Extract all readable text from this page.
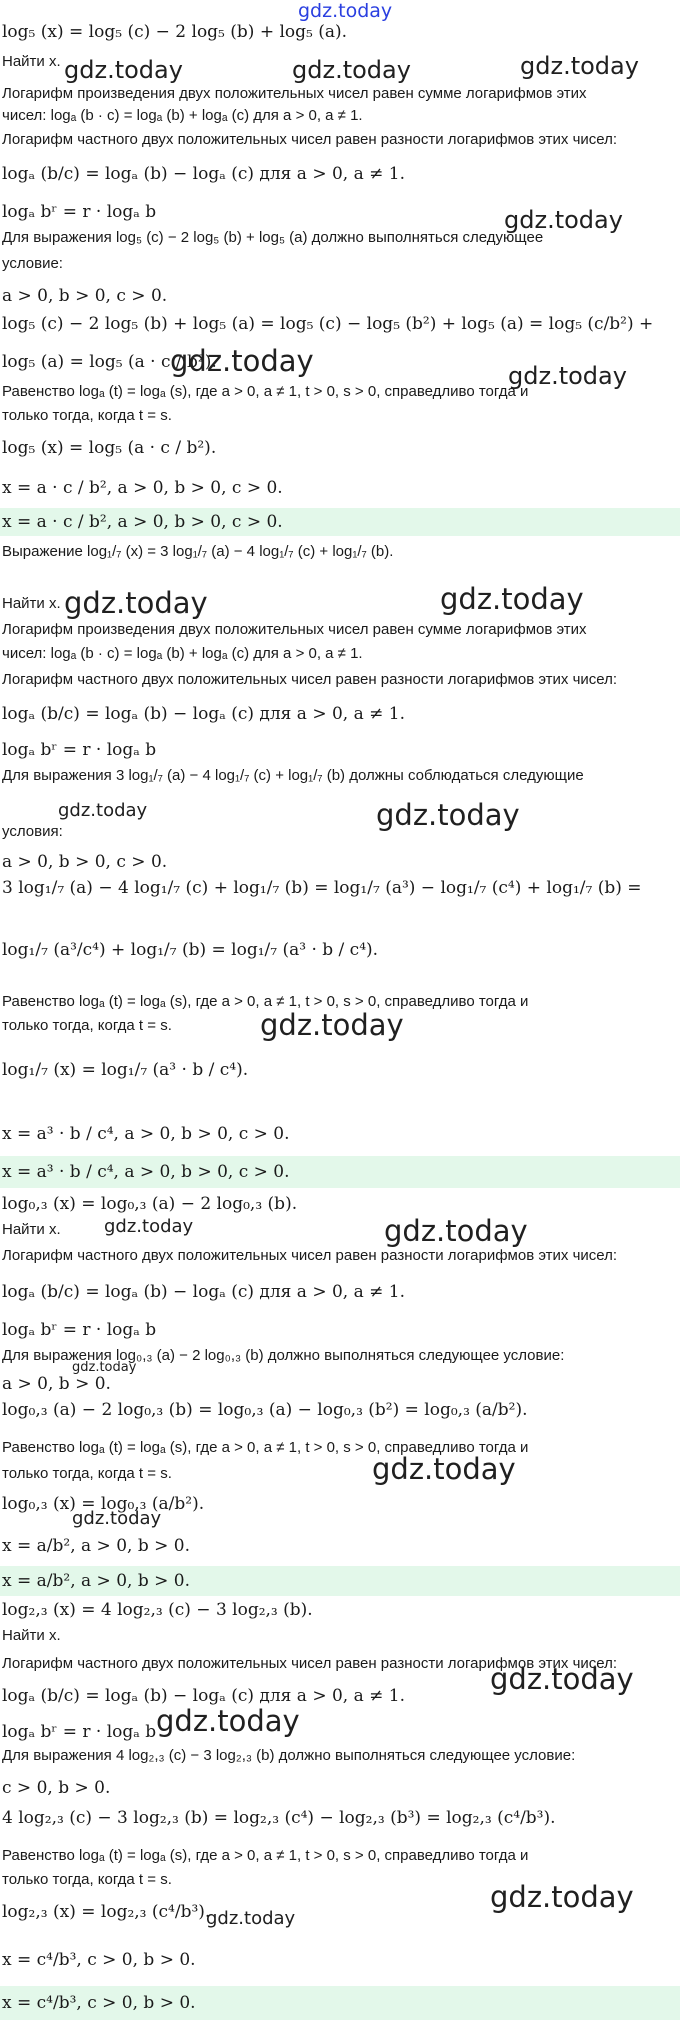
log₅ (x) = log₅ (c) − 2 log₅ (b) + log₅ (a).
Найти x.
Логарифм произведения двух положительных чисел равен сумме логарифмов этих
чисел: logₐ (b · c) = logₐ (b) + logₐ (c) для a > 0, a ≠ 1.
Логарифм частного двух положительных чисел равен разности логарифмов этих чисел:
logₐ (b/c) = logₐ (b) − logₐ (c) для a > 0, a ≠ 1.
logₐ bʳ = r · logₐ b
Для выражения log₅ (c) − 2 log₅ (b) + log₅ (a) должно выполняться следующее
условие:
a > 0, b > 0, c > 0.
log₅ (c) − 2 log₅ (b) + log₅ (a) = log₅ (c) − log₅ (b²) + log₅ (a) = log₅ (c/b²) +
log₅ (a) = log₅ (a · c / b²).
Равенство logₐ (t) = logₐ (s), где a > 0, a ≠ 1, t > 0, s > 0, справедливо тогда и
только тогда, когда t = s.
log₅ (x) = log₅ (a · c / b²).
x = a · c / b², a > 0, b > 0, c > 0.
x = a · c / b², a > 0, b > 0, c > 0.
Выражение log₁/₇ (x) = 3 log₁/₇ (a) − 4 log₁/₇ (c) + log₁/₇ (b).
Найти x.
Логарифм произведения двух положительных чисел равен сумме логарифмов этих
чисел: logₐ (b · c) = logₐ (b) + logₐ (c) для a > 0, a ≠ 1.
Логарифм частного двух положительных чисел равен разности логарифмов этих чисел:
logₐ (b/c) = logₐ (b) − logₐ (c) для a > 0, a ≠ 1.
logₐ bʳ = r · logₐ b
Для выражения 3 log₁/₇ (a) − 4 log₁/₇ (c) + log₁/₇ (b) должны соблюдаться следующие
условия:
a > 0, b > 0, c > 0.
3 log₁/₇ (a) − 4 log₁/₇ (c) + log₁/₇ (b) = log₁/₇ (a³) − log₁/₇ (c⁴) + log₁/₇ (b) =
log₁/₇ (a³/c⁴) + log₁/₇ (b) = log₁/₇ (a³ · b / c⁴).
Равенство logₐ (t) = logₐ (s), где a > 0, a ≠ 1, t > 0, s > 0, справедливо тогда и
только тогда, когда t = s.
log₁/₇ (x) = log₁/₇ (a³ · b / c⁴).
x = a³ · b / c⁴, a > 0, b > 0, c > 0.
x = a³ · b / c⁴, a > 0, b > 0, c > 0.
log₀,₃ (x) = log₀,₃ (a) − 2 log₀,₃ (b).
Найти x.
Логарифм частного двух положительных чисел равен разности логарифмов этих чисел:
logₐ (b/c) = logₐ (b) − logₐ (c) для a > 0, a ≠ 1.
logₐ bʳ = r · logₐ b
Для выражения log₀,₃ (a) − 2 log₀,₃ (b) должно выполняться следующее условие:
a > 0, b > 0.
log₀,₃ (a) − 2 log₀,₃ (b) = log₀,₃ (a) − log₀,₃ (b²) = log₀,₃ (a/b²).
Равенство logₐ (t) = logₐ (s), где a > 0, a ≠ 1, t > 0, s > 0, справедливо тогда и
только тогда, когда t = s.
log₀,₃ (x) = log₀,₃ (a/b²).
x = a/b², a > 0, b > 0.
x = a/b², a > 0, b > 0.
log₂,₃ (x) = 4 log₂,₃ (c) − 3 log₂,₃ (b).
Найти x.
Логарифм частного двух положительных чисел равен разности логарифмов этих чисел:
logₐ (b/c) = logₐ (b) − logₐ (c) для a > 0, a ≠ 1.
logₐ bʳ = r · logₐ b
Для выражения 4 log₂,₃ (c) − 3 log₂,₃ (b) должно выполняться следующее условие:
c > 0, b > 0.
4 log₂,₃ (c) − 3 log₂,₃ (b) = log₂,₃ (c⁴) − log₂,₃ (b³) = log₂,₃ (c⁴/b³).
Равенство logₐ (t) = logₐ (s), где a > 0, a ≠ 1, t > 0, s > 0, справедливо тогда и
только тогда, когда t = s.
log₂,₃ (x) = log₂,₃ (c⁴/b³).
x = c⁴/b³, c > 0, b > 0.
x = c⁴/b³, c > 0, b > 0.
gdz.today
gdz.today	gdz.today	gdz.today
gdz.today
gdz.today	gdz.today
gdz.today	gdz.today
gdz.today	gdz.today
gdz.today
gdz.today	gdz.today
gdz.today
gdz.today
gdz.today
gdz.today
gdz.today
gdz.today
gdz.today
